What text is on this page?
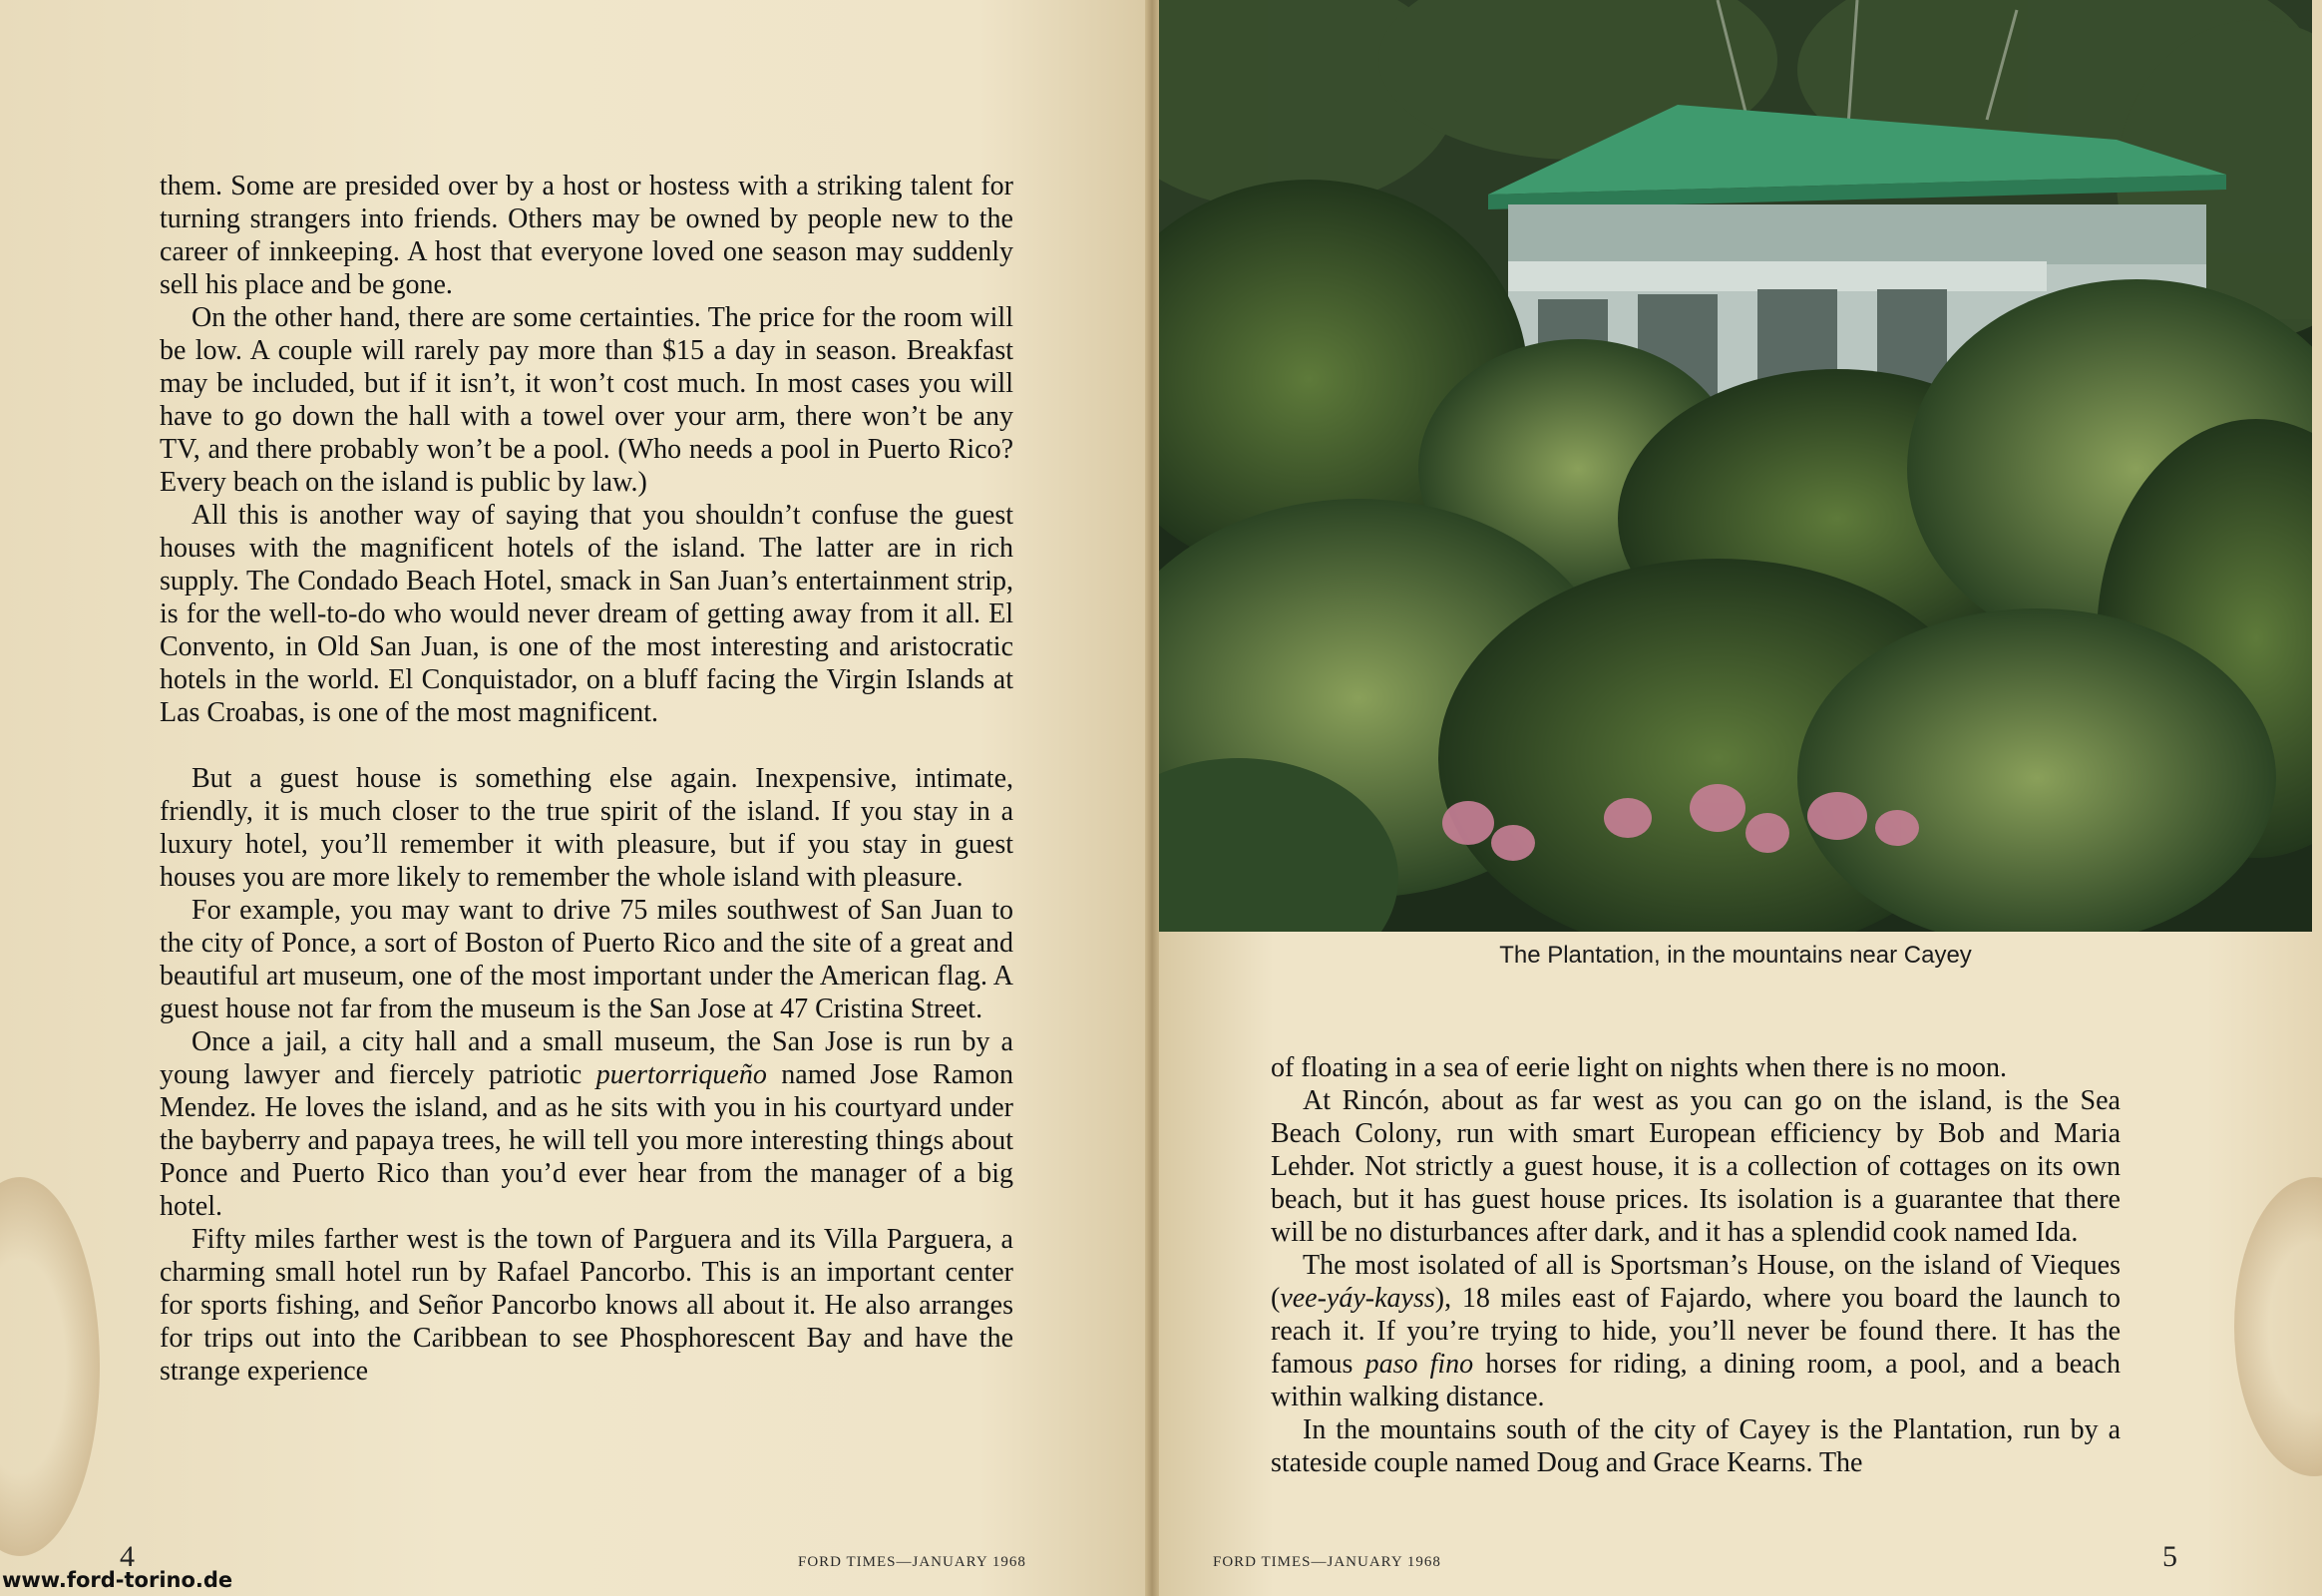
them. Some are presided over by a host or hostess with a striking talent for turning strangers into friends. Others may be owned by people new to the career of innkeeping. A host that everyone loved one season may suddenly sell his place and be gone.

On the other hand, there are some certainties. The price for the room will be low. A couple will rarely pay more than $15 a day in season. Breakfast may be included, but if it isn’t, it won’t cost much. In most cases you will have to go down the hall with a towel over your arm, there won’t be any TV, and there probably won’t be a pool. (Who needs a pool in Puerto Rico? Every beach on the island is public by law.)

All this is another way of saying that you shouldn’t confuse the guest houses with the magnificent hotels of the island. The latter are in rich supply. The Condado Beach Hotel, smack in San Juan’s entertainment strip, is for the well-to-do who would never dream of getting away from it all. El Convento, in Old San Juan, is one of the most interesting and aristocratic hotels in the world. El Conquistador, on a bluff facing the Virgin Islands at Las Croabas, is one of the most magnificent.

But a guest house is something else again. Inexpensive, intimate, friendly, it is much closer to the true spirit of the island. If you stay in a luxury hotel, you’ll remember it with pleasure, but if you stay in guest houses you are more likely to remember the whole island with pleasure.

For example, you may want to drive 75 miles southwest of San Juan to the city of Ponce, a sort of Boston of Puerto Rico and the site of a great and beautiful art museum, one of the most important under the American flag. A guest house not far from the museum is the San Jose at 47 Cristina Street.

Once a jail, a city hall and a small museum, the San Jose is run by a young lawyer and fiercely patriotic puertorriqueño named Jose Ramon Mendez. He loves the island, and as he sits with you in his courtyard under the bayberry and papaya trees, he will tell you more interesting things about Ponce and Puerto Rico than you’d ever hear from the manager of a big hotel.

Fifty miles farther west is the town of Parguera and its Villa Parguera, a charming small hotel run by Rafael Pancorbo. This is an important center for sports fishing, and Señor Pancorbo knows all about it. He also arranges for trips out into the Caribbean to see Phosphorescent Bay and have the strange experience

The Plantation, in the mountains near Cayey

of floating in a sea of eerie light on nights when there is no moon.

At Rincón, about as far west as you can go on the island, is the Sea Beach Colony, run with smart European efficiency by Bob and Maria Lehder. Not strictly a guest house, it is a collection of cottages on its own beach, but it has guest house prices. Its isolation is a guarantee that there will be no disturbances after dark, and it has a splendid cook named Ida.

The most isolated of all is Sportsman’s House, on the island of Vieques (vee-yáy-kayss), 18 miles east of Fajardo, where you board the launch to reach it. If you’re trying to hide, you’ll never be found there. It has the famous paso fino horses for riding, a dining room, a pool, and a beach within walking distance.

In the mountains south of the city of Cayey is the Plantation, run by a stateside couple named Doug and Grace Kearns. The

4	FORD TIMES—JANUARY 1968	FORD TIMES—JANUARY 1968	5
www.ford-torino.de
